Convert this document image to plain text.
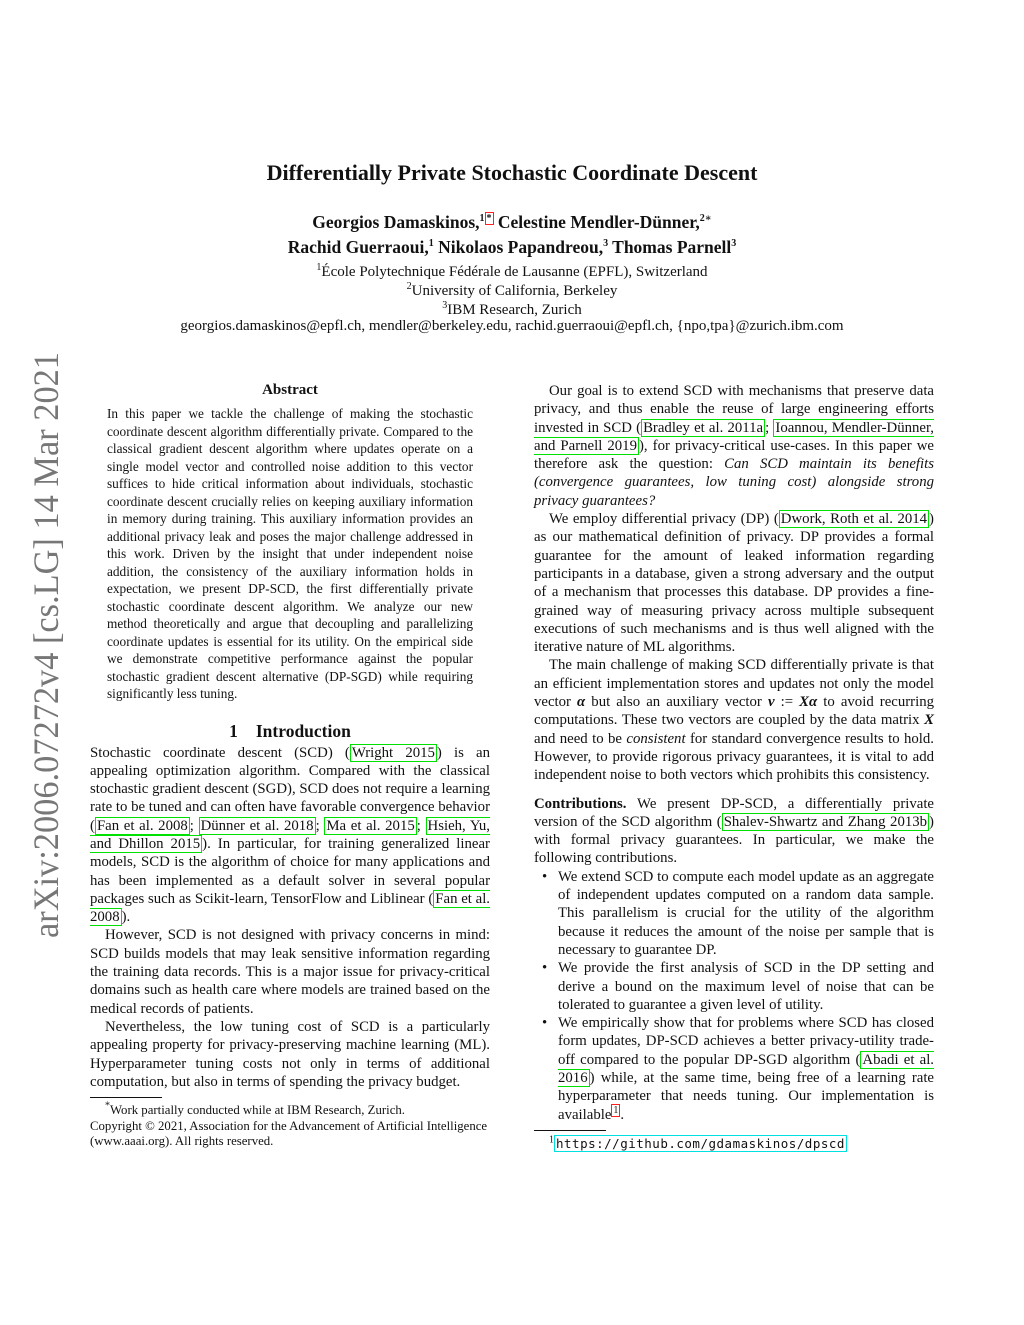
arXiv:2006.07272v4 [cs.LG] 14 Mar 2021
Differentially Private Stochastic Coordinate Descent
Georgios Damaskinos,$^1$ * Celestine Mendler-Dünner,$^{2∗}$
Rachid Guerraoui,$^1$ Nikolaos Papandreou,$^3$ Thomas Parnell$^3$
$^1$École Polytechnique Fédérale de Lausanne (EPFL), Switzerland
$^2$University of California, Berkeley
$^3$IBM Research, Zurich
georgios.damaskinos@epfl.ch, mendler@berkeley.edu, rachid.guerraoui@epfl.ch, {npo,tpa}@zurich.ibm.com
Abstract
In this paper we tackle the challenge of making the stochastic coordinate descent algorithm differentially private. Compared to the classical gradient descent algorithm where updates operate on a single model vector and controlled noise addition to this vector suffices to hide critical information about individuals, stochastic coordinate descent crucially relies on keeping auxiliary information in memory during training. This auxiliary information provides an additional privacy leak and poses the major challenge addressed in this work. Driven by the insight that under independent noise addition, the consistency of the auxiliary information holds in expectation, we present DP-SCD, the first differentially private stochastic coordinate descent algorithm. We analyze our new method theoretically and argue that decoupling and parallelizing coordinate updates is essential for its utility. On the empirical side we demonstrate competitive performance against the popular stochastic gradient descent alternative (DP-SGD) while requiring significantly less tuning.
1 Introduction

Stochastic coordinate descent (SCD) ( Wright 2015 ) is an appealing optimization algorithm. Compared with the classical stochastic gradient descent (SGD), SCD does not require a learning rate to be tuned and can often have favorable convergence behavior ( Fan et al. 2008 ; Dünner et al. 2018 ; Ma et al. 2015 ; Hsieh, Yu, and Dhillon 2015 ). In particular, for training generalized linear models, SCD is the algorithm of choice for many applications and has been implemented as a default solver in several popular packages such as Scikit-learn, TensorFlow and Liblinear ( Fan et al. 2008 ).

However, SCD is not designed with privacy concerns in mind: SCD builds models that may leak sensitive information regarding the training data records. This is a major issue for privacy-critical domains such as health care where models are trained based on the medical records of patients.

Nevertheless, the low tuning cost of SCD is a particularly appealing property for privacy-preserving machine learning (ML). Hyperparameter tuning costs not only in terms of additional computation, but also in terms of spending the privacy budget.

*Work partially conducted while at IBM Research, Zurich.
Copyright © 2021, Association for the Advancement of Artificial Intelligence (www.aaai.org). All rights reserved.

Our goal is to extend SCD with mechanisms that preserve data privacy, and thus enable the reuse of large engineering efforts invested in SCD ( Bradley et al. 2011a ; Ioannou, Mendler-Dünner, and Parnell 2019 ), for privacy-critical use-cases. In this paper we therefore ask the question: Can SCD maintain its benefits (convergence guarantees, low tuning cost) alongside strong privacy guarantees?

We employ differential privacy (DP) ( Dwork, Roth et al. 2014 ) as our mathematical definition of privacy. DP provides a formal guarantee for the amount of leaked information regarding participants in a database, given a strong adversary and the output of a mechanism that processes this database. DP provides a fine-grained way of measuring privacy across multiple subsequent executions of such mechanisms and is thus well aligned with the iterative nature of ML algorithms.

The main challenge of making SCD differentially private is that an efficient implementation stores and updates not only the model vector α but also an auxiliary vector v := Xα to avoid recurring computations. These two vectors are coupled by the data matrix X and need to be consistent for standard convergence results to hold. However, to provide rigorous privacy guarantees, it is vital to add independent noise to both vectors which prohibits this consistency.

Contributions. We present DP-SCD, a differentially private version of the SCD algorithm ( Shalev-Shwartz and Zhang 2013b ) with formal privacy guarantees. In particular, we make the following contributions.

• We extend SCD to compute each model update as an aggregate of independent updates computed on a random data sample. This parallelism is crucial for the utility of the algorithm because it reduces the amount of the noise per sample that is necessary to guarantee DP.
• We provide the first analysis of SCD in the DP setting and derive a bound on the maximum level of noise that can be tolerated to guarantee a given level of utility.
• We empirically show that for problems where SCD has closed form updates, DP-SCD achieves a better privacy-utility trade-off compared to the popular DP-SGD algorithm ( Abadi et al. 2016 ) while, at the same time, being free of a learning rate hyperparameter that needs tuning. Our implementation is available $^1$ .
$^1$ https://github.com/gdamaskinos/dpscd
